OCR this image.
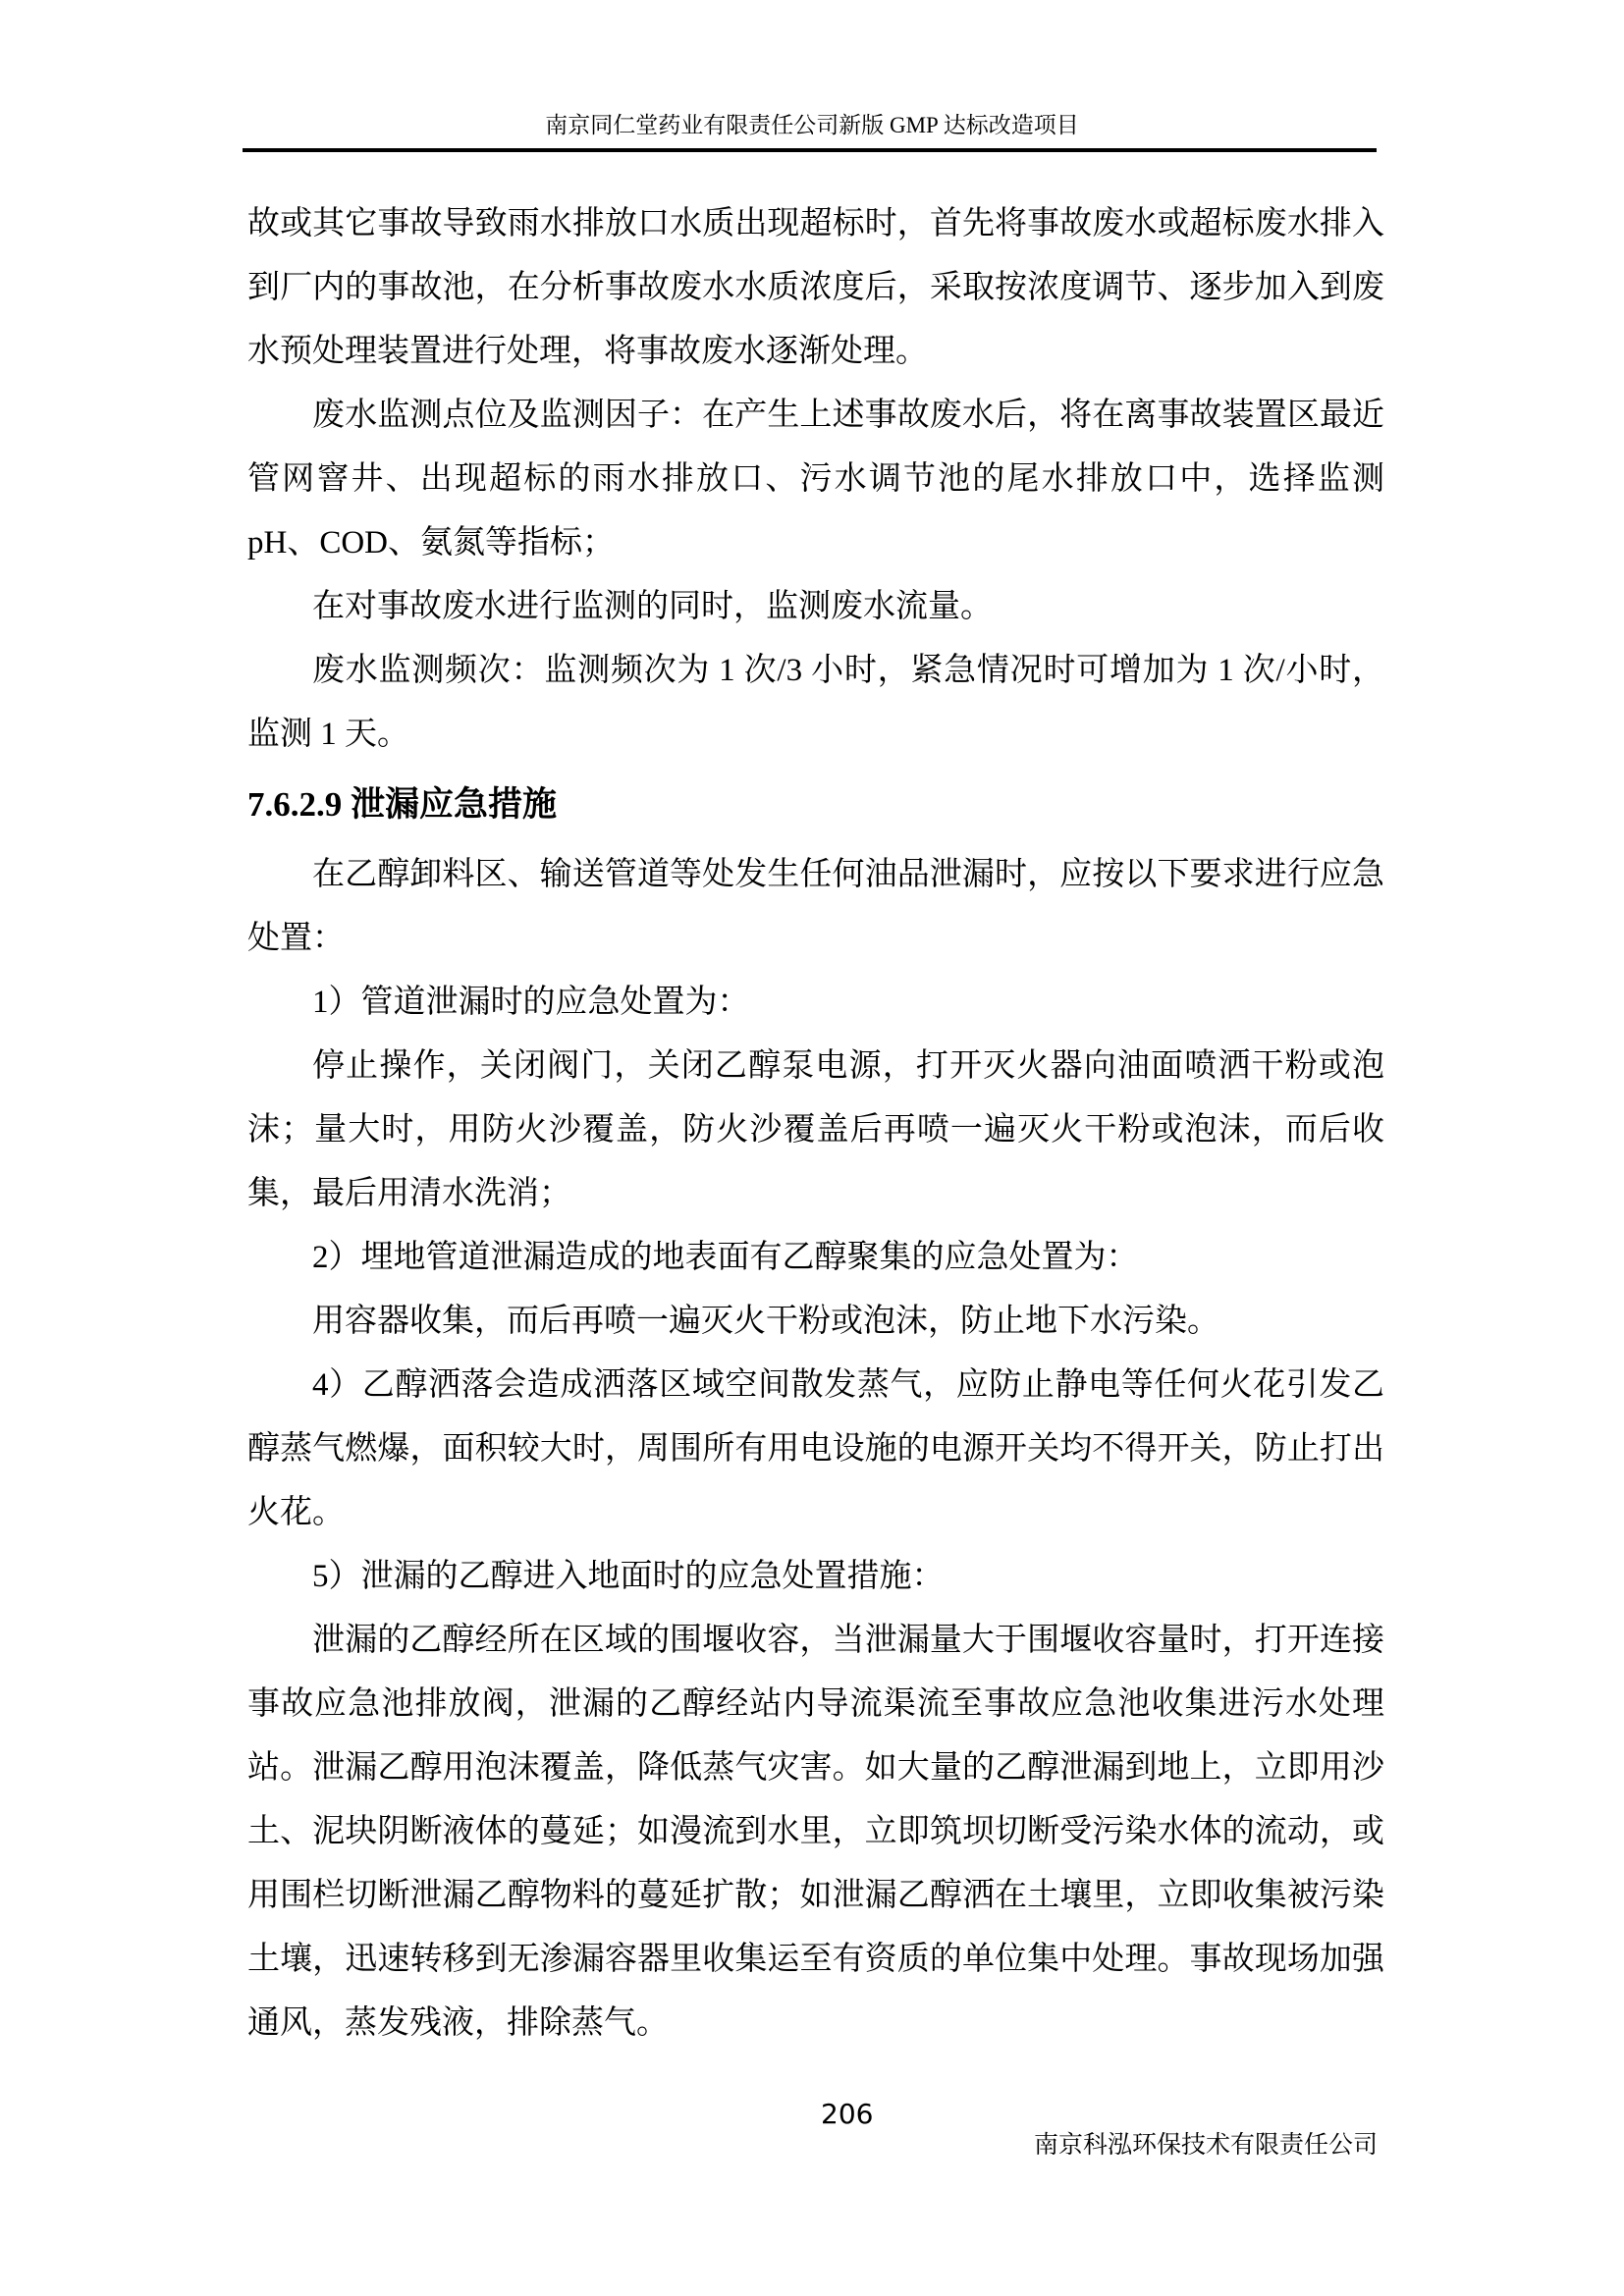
南京同仁堂药业有限责任公司新版 GMP 达标改造项目

故或其它事故导致雨水排放口水质出现超标时，首先将事故废水或超标废水排入到厂内的事故池，在分析事故废水水质浓度后，采取按浓度调节、逐步加入到废水预处理装置进行处理，将事故废水逐渐处理。

废水监测点位及监测因子：在产生上述事故废水后，将在离事故装置区最近管网窨井、出现超标的雨水排放口、污水调节池的尾水排放口中，选择监测 pH、COD、氨氮等指标；

在对事故废水进行监测的同时，监测废水流量。

废水监测频次：监测频次为 1 次/3 小时，紧急情况时可增加为 1 次/小时，监测 1 天。

7.6.2.9 泄漏应急措施

在乙醇卸料区、输送管道等处发生任何油品泄漏时，应按以下要求进行应急处置：

1）管道泄漏时的应急处置为：

停止操作，关闭阀门，关闭乙醇泵电源，打开灭火器向油面喷洒干粉或泡沫；量大时，用防火沙覆盖，防火沙覆盖后再喷一遍灭火干粉或泡沫，而后收集，最后用清水洗消；

2）埋地管道泄漏造成的地表面有乙醇聚集的应急处置为：

用容器收集，而后再喷一遍灭火干粉或泡沫，防止地下水污染。

4）乙醇洒落会造成洒落区域空间散发蒸气，应防止静电等任何火花引发乙醇蒸气燃爆，面积较大时，周围所有用电设施的电源开关均不得开关，防止打出火花。

5）泄漏的乙醇进入地面时的应急处置措施：

泄漏的乙醇经所在区域的围堰收容，当泄漏量大于围堰收容量时，打开连接事故应急池排放阀，泄漏的乙醇经站内导流渠流至事故应急池收集进污水处理站。泄漏乙醇用泡沫覆盖，降低蒸气灾害。如大量的乙醇泄漏到地上，立即用沙土、泥块阴断液体的蔓延；如漫流到水里，立即筑坝切断受污染水体的流动，或用围栏切断泄漏乙醇物料的蔓延扩散；如泄漏乙醇洒在土壤里，立即收集被污染土壤，迅速转移到无渗漏容器里收集运至有资质的单位集中处理。事故现场加强通风，蒸发残液，排除蒸气。

206
南京科泓环保技术有限责任公司
